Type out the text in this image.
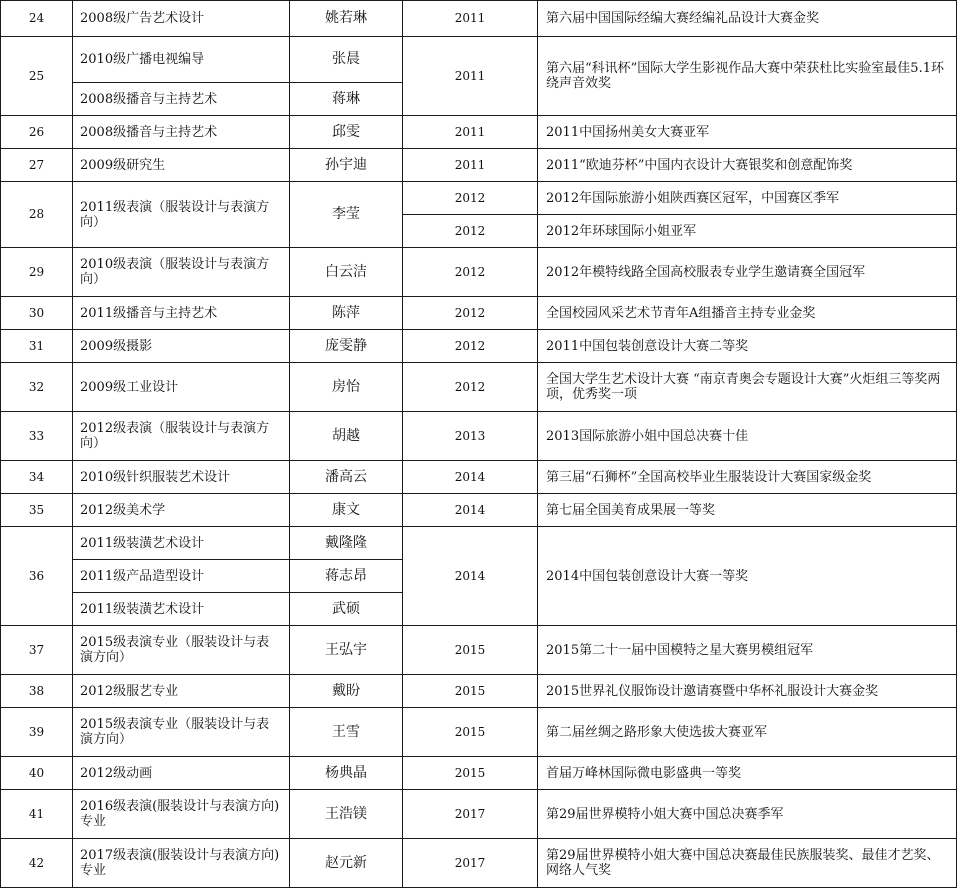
24	2008级广告艺术设计	姚若琳	2011	第六届中国国际经编大赛经编礼品设计大赛金奖
25	2010级广播电视编导	张晨	2011	第六届“科讯杯”国际大学生影视作品大赛中荣获杜比实验室最佳5.1环绕声音效奖
	2008级播音与主持艺术	蒋琳		
26	2008级播音与主持艺术	邱雯	2011	2011中国扬州美女大赛亚军
27	2009级研究生	孙宇迪	2011	2011“欧迪芬杯”中国内衣设计大赛银奖和创意配饰奖
28	2011级表演（服装设计与表演方向）	李莹	2012	2012年国际旅游小姐陕西赛区冠军，中国赛区季军
			2012	2012年环球国际小姐亚军
29	2010级表演（服装设计与表演方向）	白云洁	2012	2012年模特线路全国高校服表专业学生邀请赛全国冠军
30	2011级播音与主持艺术	陈萍	2012	全国校园风采艺术节青年A组播音主持专业金奖
31	2009级摄影	庞雯静	2012	2011中国包装创意设计大赛二等奖
32	2009级工业设计	房怡	2012	全国大学生艺术设计大赛 “南京青奥会专题设计大赛”火炬组三等奖两项，优秀奖一项
33	2012级表演（服装设计与表演方向）	胡越	2013	2013国际旅游小姐中国总决赛十佳
34	2010级针织服装艺术设计	潘高云	2014	第三届“石狮杯”全国高校毕业生服装设计大赛国家级金奖
35	2012级美术学	康文	2014	第七届全国美育成果展一等奖
36	2011级装潢艺术设计	戴隆隆	2014	2014中国包装创意设计大赛一等奖
	2011级产品造型设计	蒋志昂		
	2011级装潢艺术设计	武硕		
37	2015级表演专业（服装设计与表演方向）	王弘宇	2015	2015第二十一届中国模特之星大赛男模组冠军
38	2012级服艺专业	戴盼	2015	2015世界礼仪服饰设计邀请赛暨中华杯礼服设计大赛金奖
39	2015级表演专业（服装设计与表演方向）	王雪	2015	第二届丝绸之路形象大使选拔大赛亚军
40	2012级动画	杨典晶	2015	首届万峰林国际微电影盛典一等奖
41	2016级表演(服装设计与表演方向)专业	王浩镁	2017	第29届世界模特小姐大赛中国总决赛季军
42	2017级表演(服装设计与表演方向)专业	赵元新	2017	第29届世界模特小姐大赛中国总决赛最佳民族服装奖、最佳才艺奖、网络人气奖
